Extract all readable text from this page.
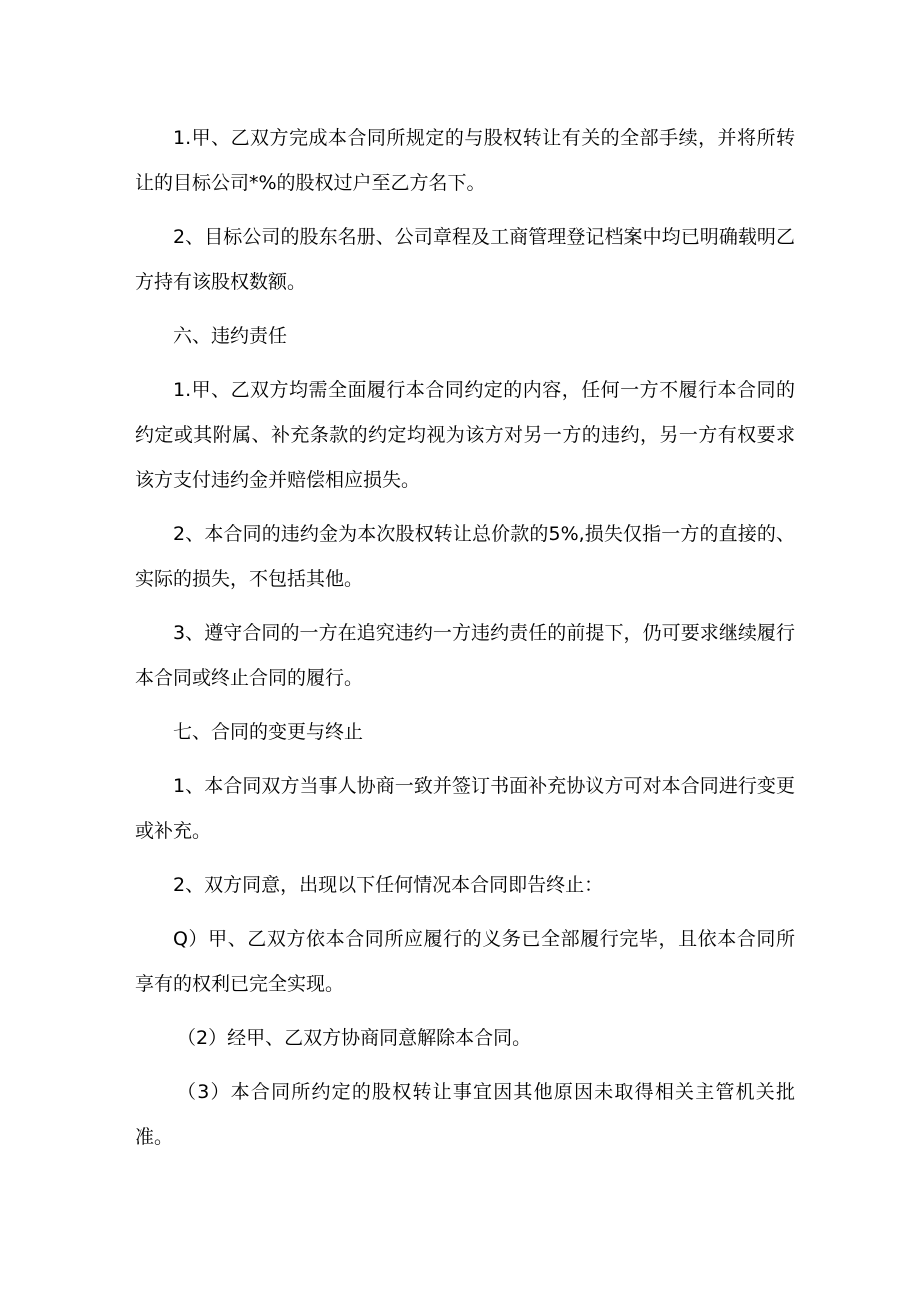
1.甲、乙双方完成本合同所规定的与股权转让有关的全部手续，并将所转让的目标公司*%的股权过户至乙方名下。

2、目标公司的股东名册、公司章程及工商管理登记档案中均已明确载明乙方持有该股权数额。

六、违约责任

1.甲、乙双方均需全面履行本合同约定的内容，任何一方不履行本合同的约定或其附属、补充条款的约定均视为该方对另一方的违约，另一方有权要求该方支付违约金并赔偿相应损失。

2、本合同的违约金为本次股权转让总价款的5%,损失仅指一方的直接的、实际的损失，不包括其他。

3、遵守合同的一方在追究违约一方违约责任的前提下，仍可要求继续履行本合同或终止合同的履行。

七、合同的变更与终止

1、本合同双方当事人协商一致并签订书面补充协议方可对本合同进行变更或补充。

2、双方同意，出现以下任何情况本合同即告终止：

Q）甲、乙双方依本合同所应履行的义务已全部履行完毕，且依本合同所享有的权利已完全实现。

（2）经甲、乙双方协商同意解除本合同。

（3）本合同所约定的股权转让事宜因其他原因未取得相关主管机关批准。
